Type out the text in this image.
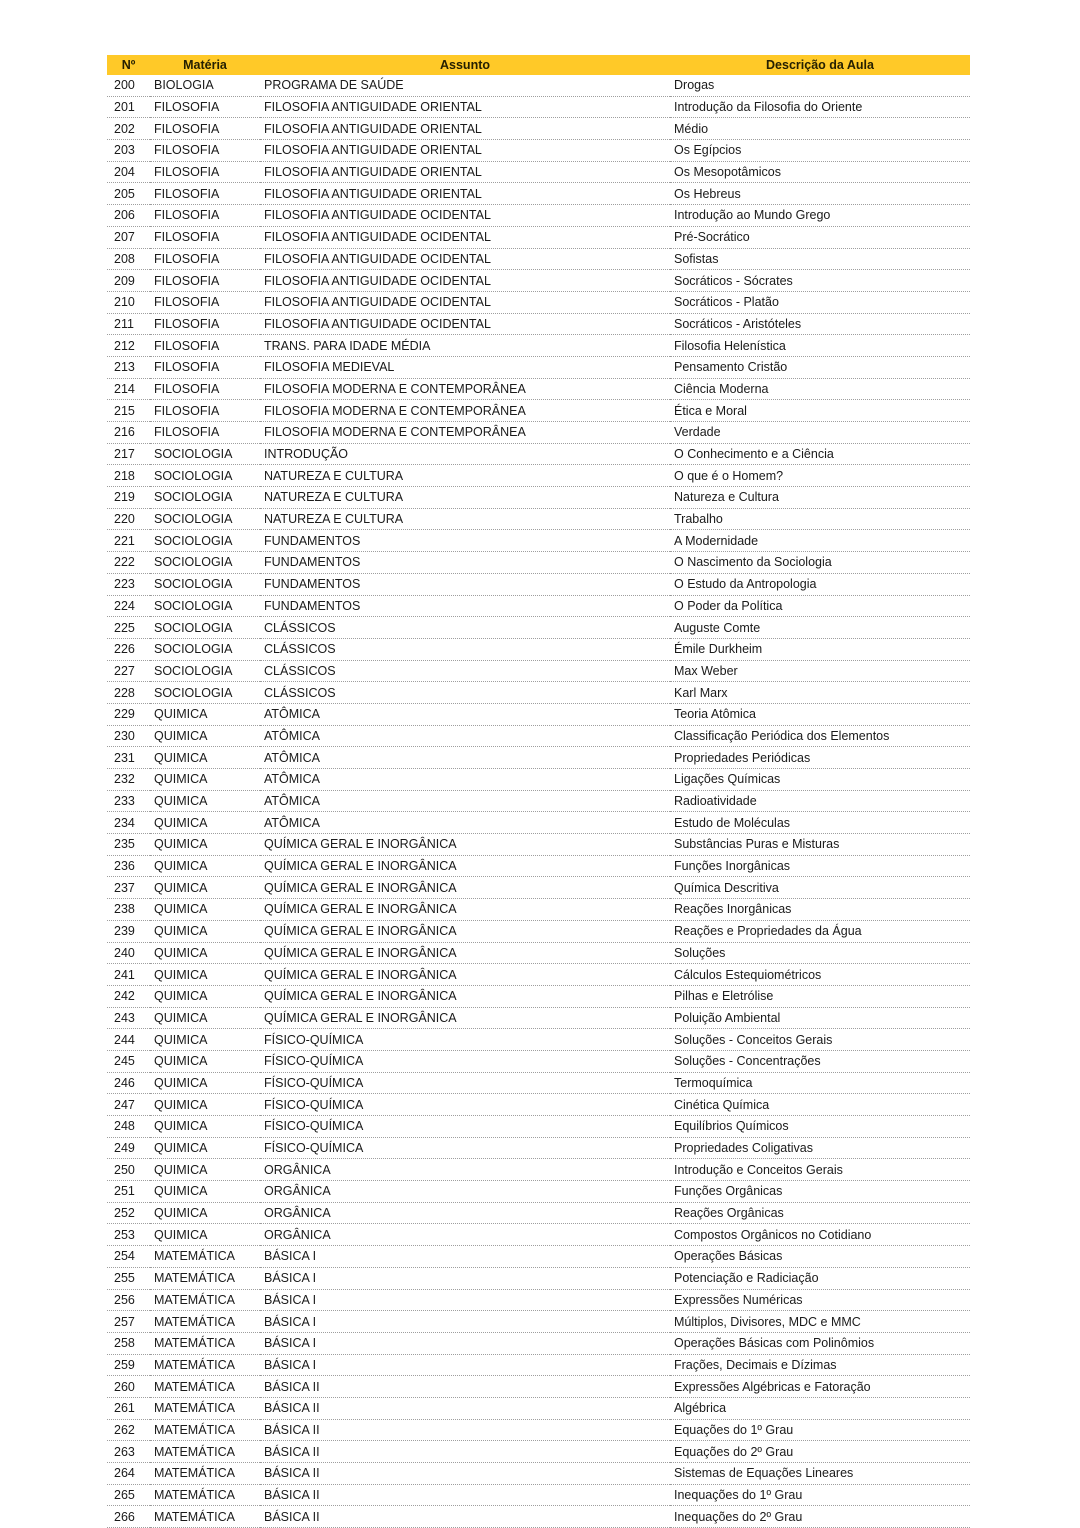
Nº	Matéria	Assunto	Descrição da Aula
200	BIOLOGIA	PROGRAMA DE SAÚDE	Drogas
201	FILOSOFIA	FILOSOFIA ANTIGUIDADE ORIENTAL	Introdução da Filosofia do Oriente
202	FILOSOFIA	FILOSOFIA ANTIGUIDADE ORIENTAL	Médio
203	FILOSOFIA	FILOSOFIA ANTIGUIDADE ORIENTAL	Os Egípcios
204	FILOSOFIA	FILOSOFIA ANTIGUIDADE ORIENTAL	Os Mesopotâmicos
205	FILOSOFIA	FILOSOFIA ANTIGUIDADE ORIENTAL	Os Hebreus
206	FILOSOFIA	FILOSOFIA ANTIGUIDADE OCIDENTAL	Introdução ao Mundo Grego
207	FILOSOFIA	FILOSOFIA ANTIGUIDADE OCIDENTAL	Pré-Socrático
208	FILOSOFIA	FILOSOFIA ANTIGUIDADE OCIDENTAL	Sofistas
209	FILOSOFIA	FILOSOFIA ANTIGUIDADE OCIDENTAL	Socráticos - Sócrates
210	FILOSOFIA	FILOSOFIA ANTIGUIDADE OCIDENTAL	Socráticos - Platão
211	FILOSOFIA	FILOSOFIA ANTIGUIDADE OCIDENTAL	Socráticos - Aristóteles
212	FILOSOFIA	TRANS. PARA IDADE MÉDIA	Filosofia Helenística
213	FILOSOFIA	FILOSOFIA MEDIEVAL	Pensamento Cristão
214	FILOSOFIA	FILOSOFIA MODERNA E CONTEMPORÂNEA	Ciência Moderna
215	FILOSOFIA	FILOSOFIA MODERNA E CONTEMPORÂNEA	Ética e Moral
216	FILOSOFIA	FILOSOFIA MODERNA E CONTEMPORÂNEA	Verdade
217	SOCIOLOGIA	INTRODUÇÃO	O Conhecimento e a Ciência
218	SOCIOLOGIA	NATUREZA E CULTURA	O que é o Homem?
219	SOCIOLOGIA	NATUREZA E CULTURA	Natureza e Cultura
220	SOCIOLOGIA	NATUREZA E CULTURA	Trabalho
221	SOCIOLOGIA	FUNDAMENTOS	A Modernidade
222	SOCIOLOGIA	FUNDAMENTOS	O Nascimento da Sociologia
223	SOCIOLOGIA	FUNDAMENTOS	O Estudo da Antropologia
224	SOCIOLOGIA	FUNDAMENTOS	O Poder da Política
225	SOCIOLOGIA	CLÁSSICOS	Auguste Comte
226	SOCIOLOGIA	CLÁSSICOS	Émile Durkheim
227	SOCIOLOGIA	CLÁSSICOS	Max Weber
228	SOCIOLOGIA	CLÁSSICOS	Karl Marx
229	QUIMICA	ATÔMICA	Teoria Atômica
230	QUIMICA	ATÔMICA	Classificação Periódica dos Elementos
231	QUIMICA	ATÔMICA	Propriedades Periódicas
232	QUIMICA	ATÔMICA	Ligações Químicas
233	QUIMICA	ATÔMICA	Radioatividade
234	QUIMICA	ATÔMICA	Estudo de Moléculas
235	QUIMICA	QUÍMICA GERAL E INORGÂNICA	Substâncias Puras e Misturas
236	QUIMICA	QUÍMICA GERAL E INORGÂNICA	Funções Inorgânicas
237	QUIMICA	QUÍMICA GERAL E INORGÂNICA	Química Descritiva
238	QUIMICA	QUÍMICA GERAL E INORGÂNICA	Reações Inorgânicas
239	QUIMICA	QUÍMICA GERAL E INORGÂNICA	Reações e Propriedades da Água
240	QUIMICA	QUÍMICA GERAL E INORGÂNICA	Soluções
241	QUIMICA	QUÍMICA GERAL E INORGÂNICA	Cálculos Estequiométricos
242	QUIMICA	QUÍMICA GERAL E INORGÂNICA	Pilhas e Eletrólise
243	QUIMICA	QUÍMICA GERAL E INORGÂNICA	Poluição Ambiental
244	QUIMICA	FÍSICO-QUÍMICA	Soluções - Conceitos Gerais
245	QUIMICA	FÍSICO-QUÍMICA	Soluções - Concentrações
246	QUIMICA	FÍSICO-QUÍMICA	Termoquímica
247	QUIMICA	FÍSICO-QUÍMICA	Cinética Química
248	QUIMICA	FÍSICO-QUÍMICA	Equilíbrios Químicos
249	QUIMICA	FÍSICO-QUÍMICA	Propriedades Coligativas
250	QUIMICA	ORGÂNICA	Introdução e Conceitos Gerais
251	QUIMICA	ORGÂNICA	Funções Orgânicas
252	QUIMICA	ORGÂNICA	Reações Orgânicas
253	QUIMICA	ORGÂNICA	Compostos Orgânicos no Cotidiano
254	MATEMÁTICA	BÁSICA I	Operações Básicas
255	MATEMÁTICA	BÁSICA I	Potenciação e Radiciação
256	MATEMÁTICA	BÁSICA I	Expressões Numéricas
257	MATEMÁTICA	BÁSICA I	Múltiplos, Divisores, MDC e MMC
258	MATEMÁTICA	BÁSICA I	Operações Básicas com Polinômios
259	MATEMÁTICA	BÁSICA I	Frações, Decimais e Dízimas
260	MATEMÁTICA	BÁSICA II	Expressões Algébricas e Fatoração
261	MATEMÁTICA	BÁSICA II	Algébrica
262	MATEMÁTICA	BÁSICA II	Equações do 1º Grau
263	MATEMÁTICA	BÁSICA II	Equações do 2º Grau
264	MATEMÁTICA	BÁSICA II	Sistemas de Equações Lineares
265	MATEMÁTICA	BÁSICA II	Inequações do 1º Grau
266	MATEMÁTICA	BÁSICA II	Inequações do 2º Grau
